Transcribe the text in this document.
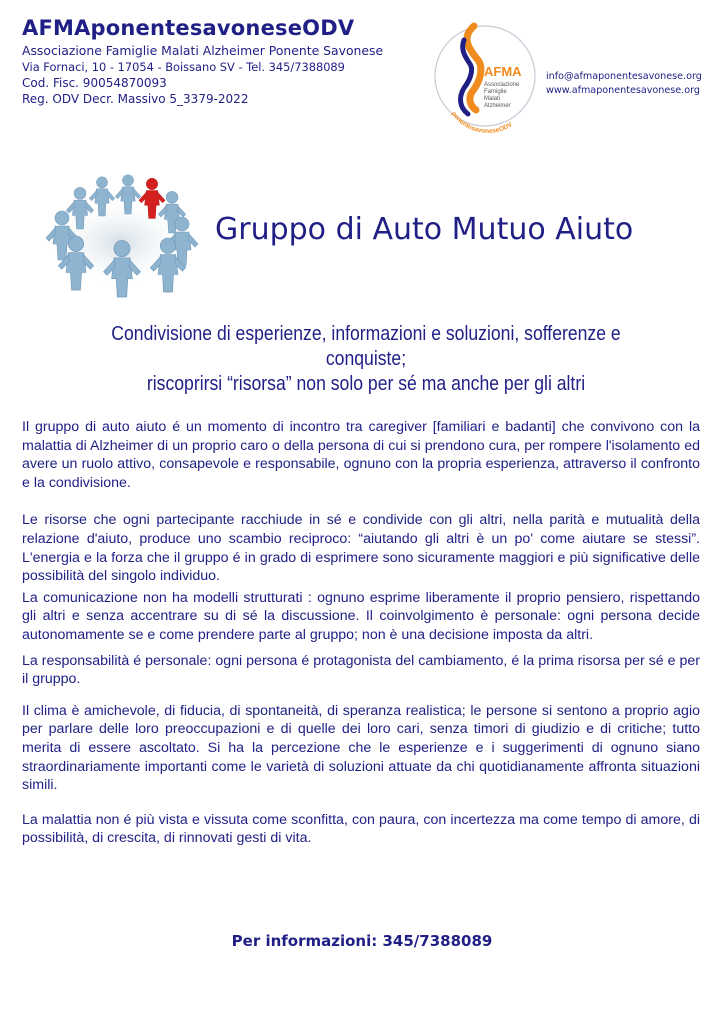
AFMAponentesavoneseODV
Associazione Famiglie Malati Alzheimer Ponente Savonese
Via Fornaci, 10 - 17054 - Boissano SV - Tel. 345/7388089
Cod. Fisc. 90054870093
Reg. ODV Decr. Massivo 5_3379-2022
AFMA
Associazione
Famiglie
Malati
Alzheimer
ponentesavoneseODV
info@afmaponentesavonese.org
www.afmaponentesavonese.org
Gruppo di Auto Mutuo Aiuto
Condivisione di esperienze, informazioni e soluzioni, sofferenze e conquiste;
riscoprirsi “risorsa” non solo per sé ma anche per gli altri

Il gruppo di auto aiuto é un momento di incontro tra caregiver [familiari e badanti] che convivono con la malattia di Alzheimer di un proprio caro o della persona di cui si prendono cura, per rompere l'isolamento ed avere un ruolo attivo, consapevole e responsabile, ognuno con la propria esperienza, attraverso il confronto e la condivisione.

Le risorse che ogni partecipante racchiude in sé e condivide con gli altri, nella parità e mutualità della relazione d'aiuto, produce uno scambio reciproco: “aiutando gli altri è un po' come aiutare se stessi”. L'energia e la forza che il gruppo é in grado di esprimere sono sicuramente maggiori e più significative delle possibilità del singolo individuo.

La comunicazione non ha modelli strutturati : ognuno esprime liberamente il proprio pensiero, rispettando gli altri e senza accentrare su di sé la discussione. Il coinvolgimento è personale: ogni persona decide autonomamente se e come prendere parte al gruppo; non è una decisione imposta da altri.

La responsabilità é personale: ogni persona é protagonista del cambiamento, é la prima risorsa per sé e per il gruppo.

Il clima è amichevole, di fiducia, di spontaneità, di speranza realistica; le persone si sentono a proprio agio per parlare delle loro preoccupazioni e di quelle dei loro cari, senza timori di giudizio e di critiche; tutto merita di essere ascoltato. Si ha la percezione che le esperienze e i suggerimenti di ognuno siano straordinariamente importanti come le varietà di soluzioni attuate da chi quotidianamente affronta situazioni simili.

La malattia non é più vista e vissuta come sconfitta, con paura, con incertezza ma come tempo di amore, di possibilità, di crescita, di rinnovati gesti di vita.

Per informazioni: 345/7388089
